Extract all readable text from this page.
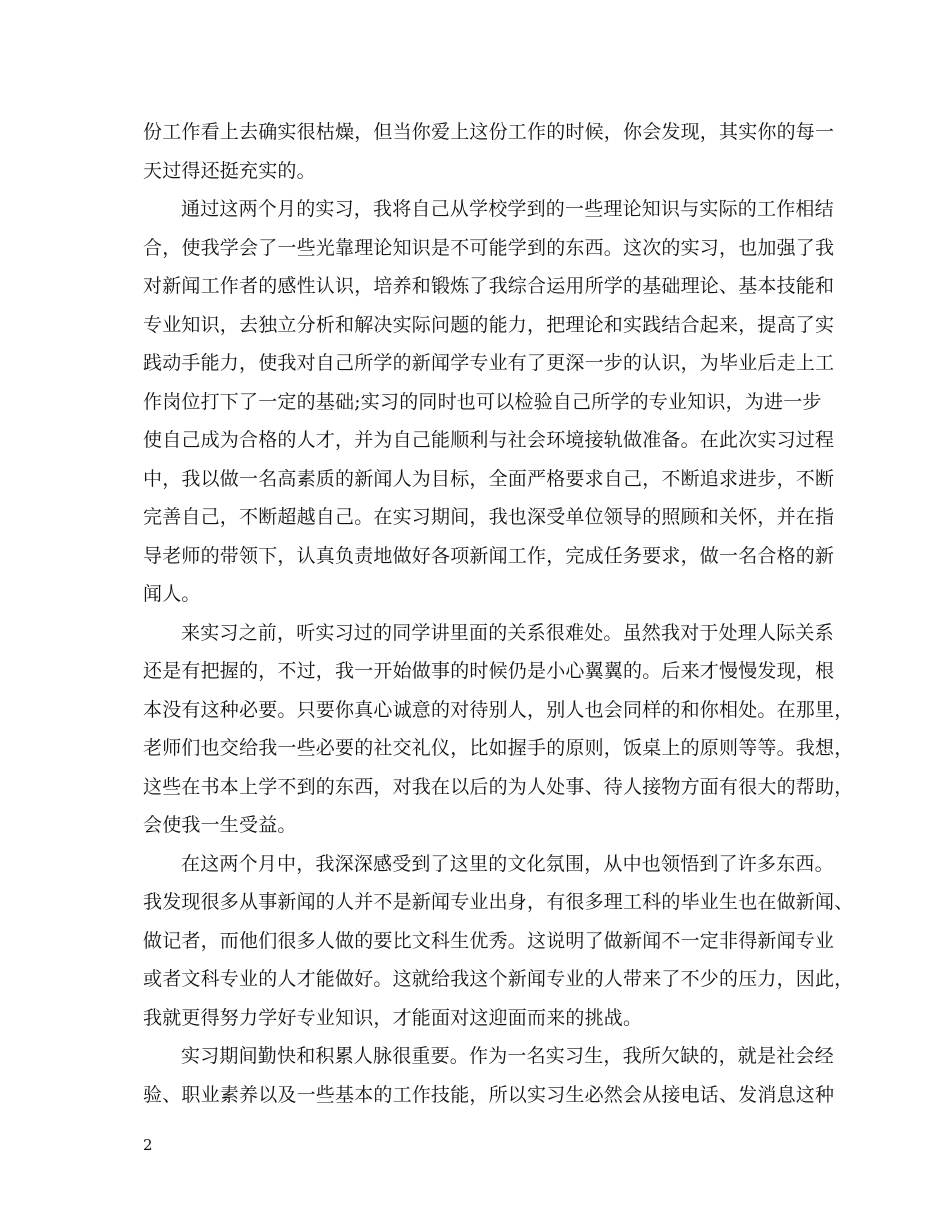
份工作看上去确实很枯燥，但当你爱上这份工作的时候，你会发现，其实你的每一
天过得还挺充实的。
通过这两个月的实习，我将自己从学校学到的一些理论知识与实际的工作相结
合，使我学会了一些光靠理论知识是不可能学到的东西。这次的实习，也加强了我
对新闻工作者的感性认识，培养和锻炼了我综合运用所学的基础理论、基本技能和
专业知识，去独立分析和解决实际问题的能力，把理论和实践结合起来，提高了实
践动手能力，使我对自己所学的新闻学专业有了更深一步的认识，为毕业后走上工
作岗位打下了一定的基础;实习的同时也可以检验自己所学的专业知识，为进一步
使自己成为合格的人才，并为自己能顺利与社会环境接轨做准备。在此次实习过程
中，我以做一名高素质的新闻人为目标，全面严格要求自己，不断追求进步，不断
完善自己，不断超越自己。在实习期间，我也深受单位领导的照顾和关怀，并在指
导老师的带领下，认真负责地做好各项新闻工作，完成任务要求，做一名合格的新
闻人。
来实习之前，听实习过的同学讲里面的关系很难处。虽然我对于处理人际关系
还是有把握的，不过，我一开始做事的时候仍是小心翼翼的。后来才慢慢发现，根
本没有这种必要。只要你真心诚意的对待别人，别人也会同样的和你相处。在那里，
老师们也交给我一些必要的社交礼仪，比如握手的原则，饭桌上的原则等等。我想，
这些在书本上学不到的东西，对我在以后的为人处事、待人接物方面有很大的帮助，
会使我一生受益。
在这两个月中，我深深感受到了这里的文化氛围，从中也领悟到了许多东西。
我发现很多从事新闻的人并不是新闻专业出身，有很多理工科的毕业生也在做新闻、
做记者，而他们很多人做的要比文科生优秀。这说明了做新闻不一定非得新闻专业
或者文科专业的人才能做好。这就给我这个新闻专业的人带来了不少的压力，因此，
我就更得努力学好专业知识，才能面对这迎面而来的挑战。
实习期间勤快和积累人脉很重要。作为一名实习生，我所欠缺的，就是社会经
验、职业素养以及一些基本的工作技能，所以实习生必然会从接电话、发消息这种
2
